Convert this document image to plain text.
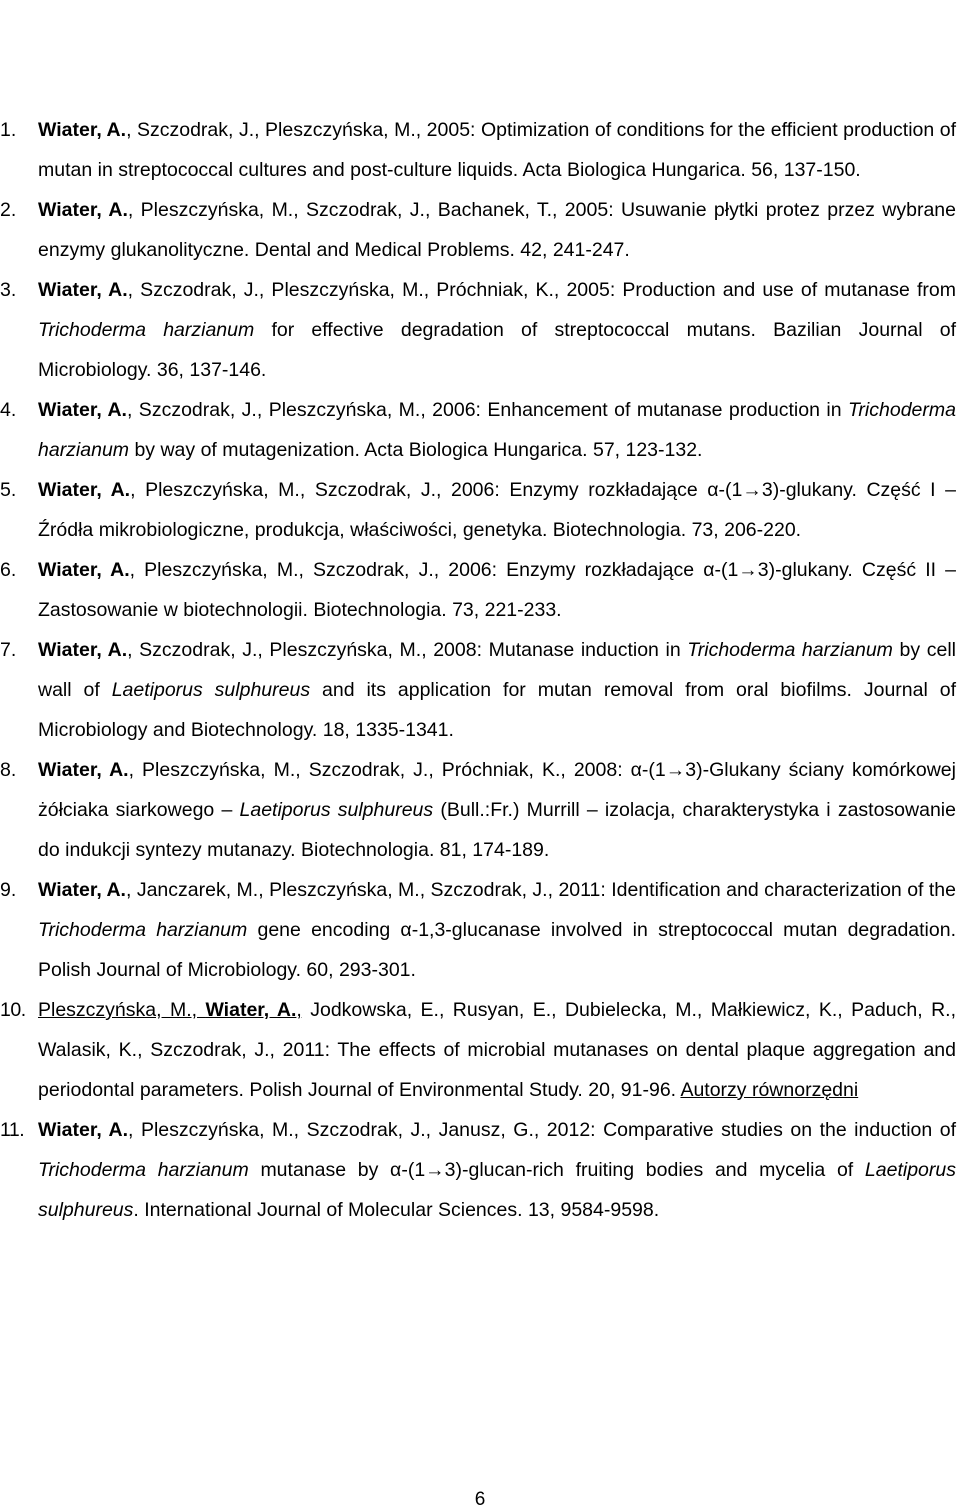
1.	Wiater, A., Szczodrak, J., Pleszczyńska, M., 2005: Optimization of conditions for the efficient production of mutan in streptococcal cultures and post-culture liquids. Acta Biologica Hungarica. 56, 137-150.
2.	Wiater, A., Pleszczyńska, M., Szczodrak, J., Bachanek, T., 2005: Usuwanie płytki protez przez wybrane enzymy glukanolityczne. Dental and Medical Problems. 42, 241-247.
3.	Wiater, A., Szczodrak, J., Pleszczyńska, M., Próchniak, K., 2005: Production and use of mutanase from Trichoderma harzianum for effective degradation of streptococcal mutans. Bazilian Journal of Microbiology. 36, 137-146.
4.	Wiater, A., Szczodrak, J., Pleszczyńska, M., 2006: Enhancement of mutanase production in Trichoderma harzianum by way of mutagenization. Acta Biologica Hungarica. 57, 123-132.
5.	Wiater, A., Pleszczyńska, M., Szczodrak, J., 2006: Enzymy rozkładające α-(1→3)-glukany. Część I – Źródła mikrobiologiczne, produkcja, właściwości, genetyka. Biotechnologia. 73, 206-220.
6.	Wiater, A., Pleszczyńska, M., Szczodrak, J., 2006: Enzymy rozkładające α-(1→3)-glukany. Część II – Zastosowanie w biotechnologii. Biotechnologia. 73, 221-233.
7.	Wiater, A., Szczodrak, J., Pleszczyńska, M., 2008: Mutanase induction in Trichoderma harzianum by cell wall of Laetiporus sulphureus and its application for mutan removal from oral biofilms. Journal of Microbiology and Biotechnology. 18, 1335-1341.
8.	Wiater, A., Pleszczyńska, M., Szczodrak, J., Próchniak, K., 2008: α-(1→3)-Glukany ściany komórkowej żółciaka siarkowego – Laetiporus sulphureus (Bull.:Fr.) Murrill – izolacja, charakterystyka i zastosowanie do indukcji syntezy mutanazy. Biotechnologia. 81, 174-189.
9.	Wiater, A., Janczarek, M., Pleszczyńska, M., Szczodrak, J., 2011: Identification and characterization of the Trichoderma harzianum gene encoding α-1,3-glucanase involved in streptococcal mutan degradation. Polish Journal of Microbiology. 60, 293-301.
10. Pleszczyńska, M., Wiater, A., Jodkowska, E., Rusyan, E., Dubielecka, M., Małkiewicz, K., Paduch, R., Walasik, K., Szczodrak, J., 2011: The effects of microbial mutanases on dental plaque aggregation and periodontal parameters. Polish Journal of Environmental Study. 20, 91-96. Autorzy równorzędni
11. Wiater, A., Pleszczyńska, M., Szczodrak, J., Janusz, G., 2012: Comparative studies on the induction of Trichoderma harzianum mutanase by α-(1→3)-glucan-rich fruiting bodies and mycelia of Laetiporus sulphureus. International Journal of Molecular Sciences. 13, 9584-9598.
6
